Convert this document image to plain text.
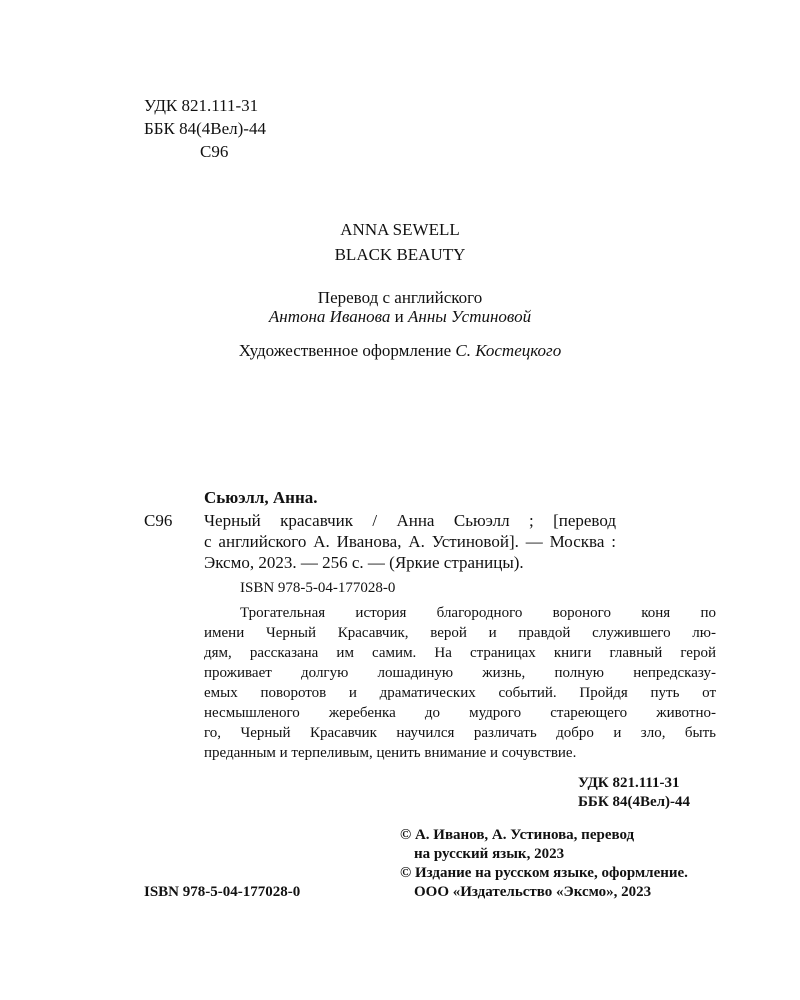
УДК 821.111-31
ББК 84(4Вел)-44
С96
ANNA SEWELL
BLACK BEAUTY
Перевод с английского
Антона Иванова и Анны Устиновой
Художественное оформление С. Костецкого
Сьюэлл, Анна.
С96 Черный красавчик / Анна Сьюэлл ; [перевод
с английского А. Иванова, А. Устиновой]. — Москва :
Эксмо, 2023. — 256 с. — (Яркие страницы).
ISBN 978-5-04-177028-0
Трогательная история благородного вороного коня по
имени Черный Красавчик, верой и правдой служившего лю-
дям, рассказана им самим. На страницах книги главный герой
проживает долгую лошадиную жизнь, полную непредсказу-
емых поворотов и драматических событий. Пройдя путь от
несмышленого жеребенка до мудрого стареющего животно-
го, Черный Красавчик научился различать добро и зло, быть
преданным и терпеливым, ценить внимание и сочувствие.
УДК 821.111-31
ББК 84(4Вел)-44
© А. Иванов, А. Устинова, перевод
на русский язык, 2023
© Издание на русском языке, оформление.
ООО «Издательство «Эксмо», 2023
ISBN 978-5-04-177028-0
